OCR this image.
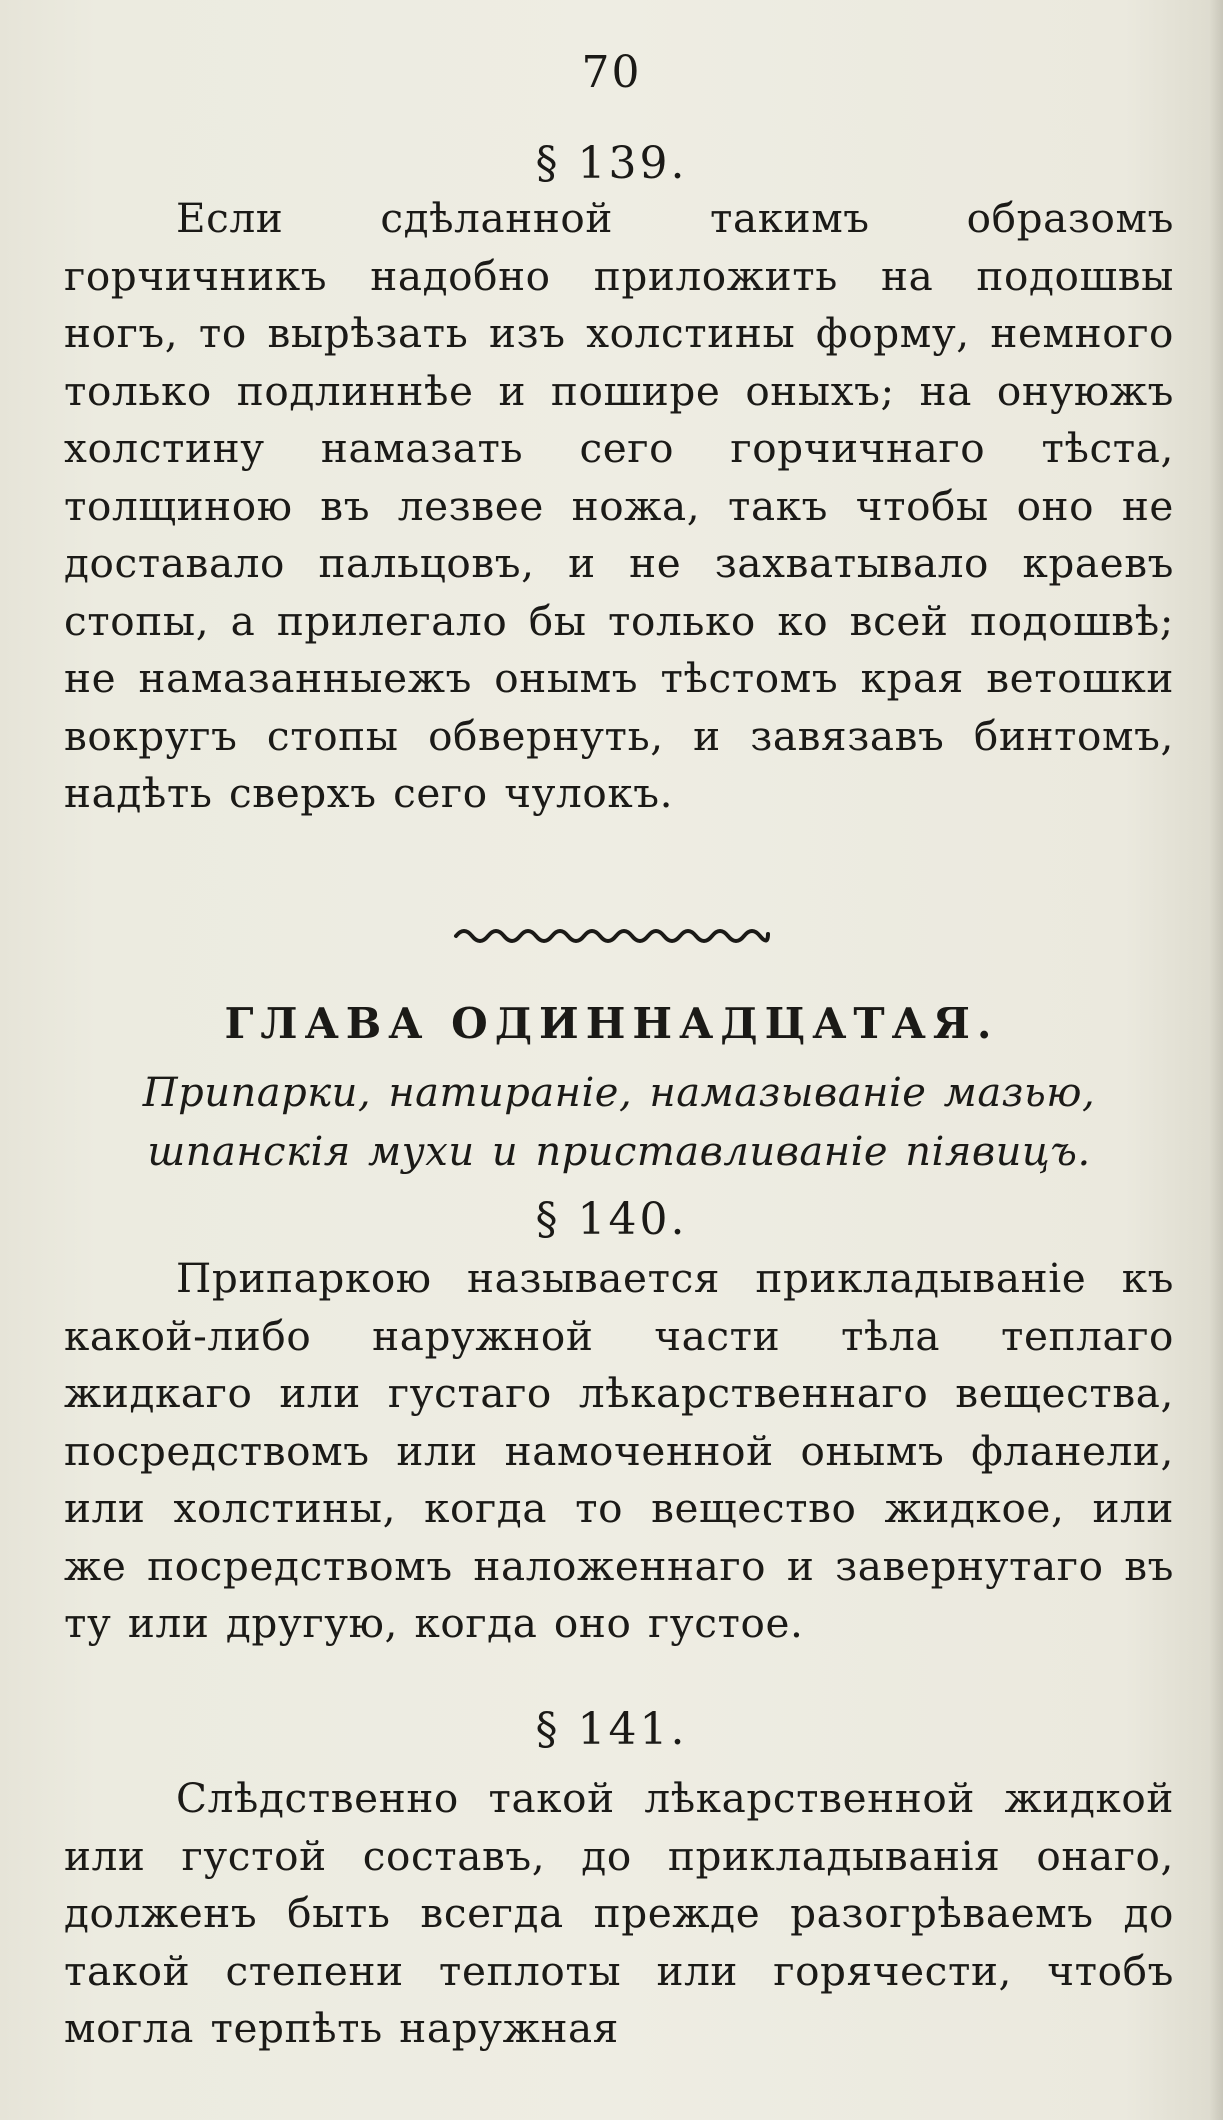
70
§ 139.

Если сдѣланной такимъ образомъ горчичникъ надобно приложить на подошвы ногъ, то вырѣзать изъ холстины форму, немного только подлиннѣе и пошире оныхъ; на онуюжъ холстину намазать сего горчичнаго тѣста, толщиною въ лезвее ножа, такъ чтобы оно не доставало пальцовъ, и не захватывало краевъ стопы, а прилегало бы только ко всей подошвѣ; не намазанныежъ онымъ тѣстомъ края ветошки вокругъ стопы обвернуть, и завязавъ бинтомъ, надѣть сверхъ сего чулокъ.

ГЛАВА ОДИННАДЦАТАЯ.
Припарки, натиранiе, намазыванiе мазью, шпанскiя мухи и приставливанiе пiявицъ.
§ 140.

Припаркою называется прикладыванiе къ какой-либо наружной части тѣла теплаго жидкаго или густаго лѣкарственнаго вещества, посредствомъ или намоченной онымъ фланели, или холстины, когда то вещество жидкое, или же посредствомъ наложеннаго и завернутаго въ ту или другую, когда оно густое.

§ 141.

Слѣдственно такой лѣкарственной жидкой или густой составъ, до прикладыванiя онаго, долженъ быть всегда прежде разогрѣваемъ до такой степени теплоты или горячести, чтобъ могла терпѣть наружная
